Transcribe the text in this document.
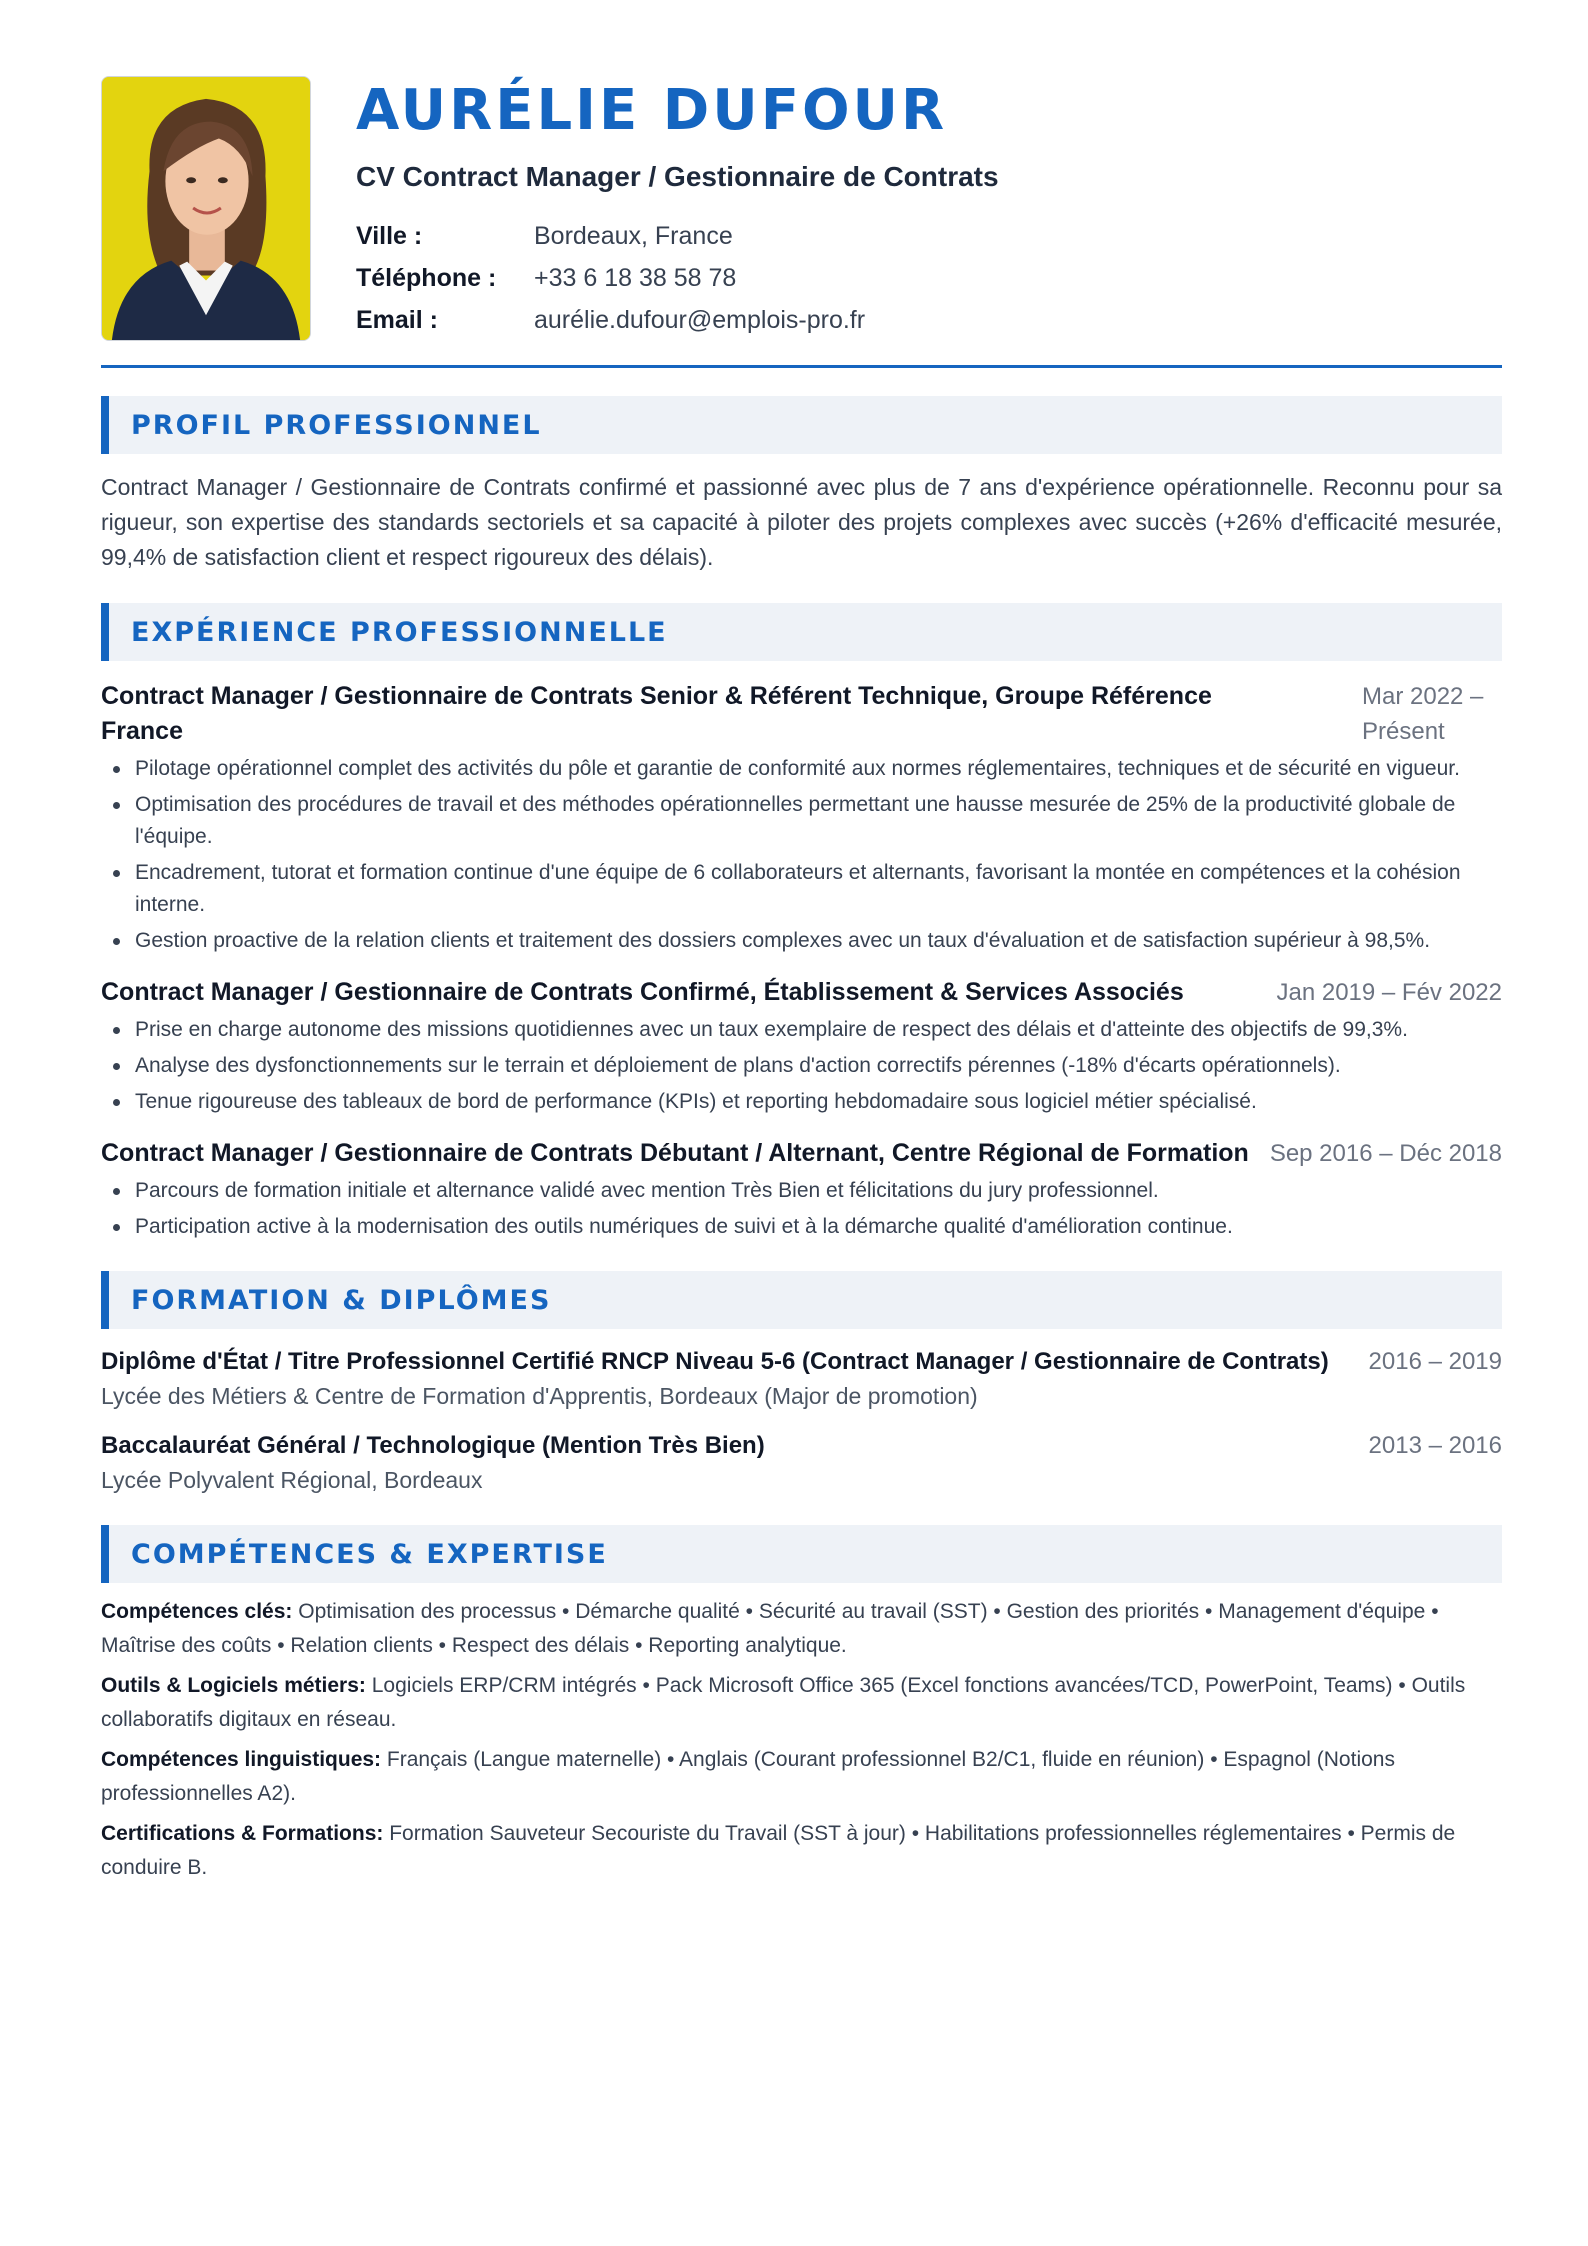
AURÉLIE DUFOUR
CV Contract Manager / Gestionnaire de Contrats
Ville :	Bordeaux, France
Téléphone :	+33 6 18 38 58 78
Email :	aurélie.dufour@emplois-pro.fr
PROFIL PROFESSIONNEL

Contract Manager / Gestionnaire de Contrats confirmé et passionné avec plus de 7 ans d'expérience opérationnelle. Reconnu pour sa rigueur, son expertise des standards sectoriels et sa capacité à piloter des projets complexes avec succès (+26% d'efficacité mesurée, 99,4% de satisfaction client et respect rigoureux des délais).

EXPÉRIENCE PROFESSIONNELLE
Contract Manager / Gestionnaire de Contrats Senior & Référent Technique, Groupe Référence France
Mar 2022 – Présent
Pilotage opérationnel complet des activités du pôle et garantie de conformité aux normes réglementaires, techniques et de sécurité en vigueur.
Optimisation des procédures de travail et des méthodes opérationnelles permettant une hausse mesurée de 25% de la productivité globale de l'équipe.
Encadrement, tutorat et formation continue d'une équipe de 6 collaborateurs et alternants, favorisant la montée en compétences et la cohésion interne.
Gestion proactive de la relation clients et traitement des dossiers complexes avec un taux d'évaluation et de satisfaction supérieur à 98,5%.
Contract Manager / Gestionnaire de Contrats Confirmé, Établissement & Services Associés	Jan 2019 – Fév 2022
Prise en charge autonome des missions quotidiennes avec un taux exemplaire de respect des délais et d'atteinte des objectifs de 99,3%.
Analyse des dysfonctionnements sur le terrain et déploiement de plans d'action correctifs pérennes (-18% d'écarts opérationnels).
Tenue rigoureuse des tableaux de bord de performance (KPIs) et reporting hebdomadaire sous logiciel métier spécialisé.
Contract Manager / Gestionnaire de Contrats Débutant / Alternant, Centre Régional de Formation Sep 2016 – Déc 2018
Parcours de formation initiale et alternance validé avec mention Très Bien et félicitations du jury professionnel.
Participation active à la modernisation des outils numériques de suivi et à la démarche qualité d'amélioration continue.
FORMATION & DIPLÔMES
Diplôme d'État / Titre Professionnel Certifié RNCP Niveau 5-6 (Contract Manager / Gestionnaire de Contrats) 2016 – 2019
Lycée des Métiers & Centre de Formation d'Apprentis, Bordeaux (Major de promotion)
Baccalauréat Général / Technologique (Mention Très Bien)	2013 – 2016
Lycée Polyvalent Régional, Bordeaux
COMPÉTENCES & EXPERTISE

Compétences clés: Optimisation des processus • Démarche qualité • Sécurité au travail (SST) • Gestion des priorités • Management d'équipe • Maîtrise des coûts • Relation clients • Respect des délais • Reporting analytique.

Outils & Logiciels métiers: Logiciels ERP/CRM intégrés • Pack Microsoft Office 365 (Excel fonctions avancées/TCD, PowerPoint, Teams) • Outils collaboratifs digitaux en réseau.

Compétences linguistiques: Français (Langue maternelle) • Anglais (Courant professionnel B2/C1, fluide en réunion) • Espagnol (Notions professionnelles A2).

Certifications & Formations: Formation Sauveteur Secouriste du Travail (SST à jour) • Habilitations professionnelles réglementaires • Permis de conduire B.
